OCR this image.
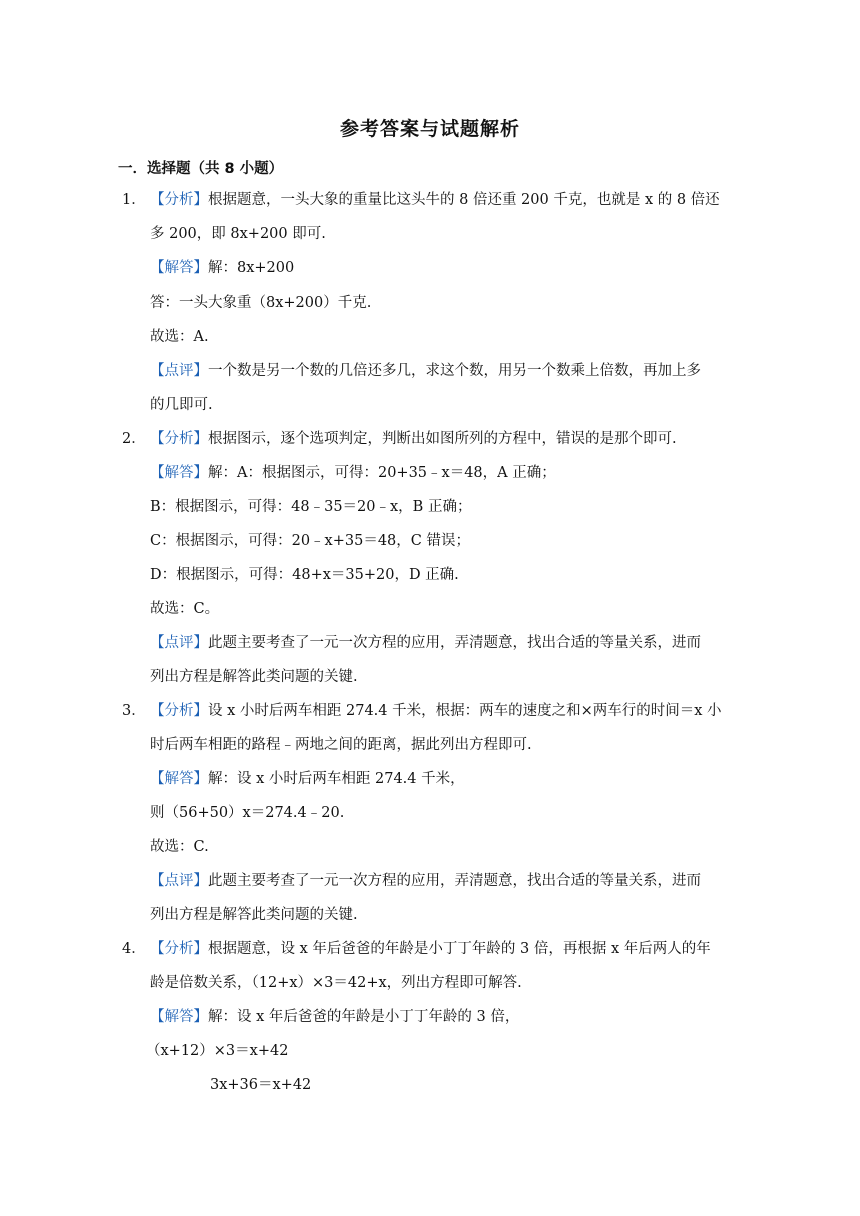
参考答案与试题解析
一．选择题（共 8 小题）
1． 【分析】根据题意，一头大象的重量比这头牛的 8 倍还重 200 千克，也就是 x 的 8 倍还
多 200，即 8x+200 即可.
【解答】解：8x+200
答：一头大象重（8x+200）千克.
故选：A.
【点评】一个数是另一个数的几倍还多几，求这个数，用另一个数乘上倍数，再加上多
的几即可.
2． 【分析】根据图示，逐个选项判定，判断出如图所列的方程中，错误的是那个即可.
【解答】解：A：根据图示，可得：20+35﹣x＝48，A 正确；
B：根据图示，可得：48﹣35＝20﹣x，B 正确；
C：根据图示，可得：20﹣x+35＝48，C 错误；
D：根据图示，可得：48+x＝35+20，D 正确.
故选：C。
【点评】此题主要考查了一元一次方程的应用，弄清题意，找出合适的等量关系，进而
列出方程是解答此类问题的关键.
3． 【分析】设 x 小时后两车相距 274.4 千米，根据：两车的速度之和×两车行的时间＝x 小
时后两车相距的路程﹣两地之间的距离，据此列出方程即可.
【解答】解：设 x 小时后两车相距 274.4 千米，
则（56+50）x＝274.4﹣20.
故选：C.
【点评】此题主要考查了一元一次方程的应用，弄清题意，找出合适的等量关系，进而
列出方程是解答此类问题的关键.
4． 【分析】根据题意，设 x 年后爸爸的年龄是小丁丁年龄的 3 倍，再根据 x 年后两人的年
龄是倍数关系，（12+x）×3＝42+x，列出方程即可解答.
【解答】解：设 x 年后爸爸的年龄是小丁丁年龄的 3 倍，
（x+12）×3＝x+42
3x+36＝x+42
